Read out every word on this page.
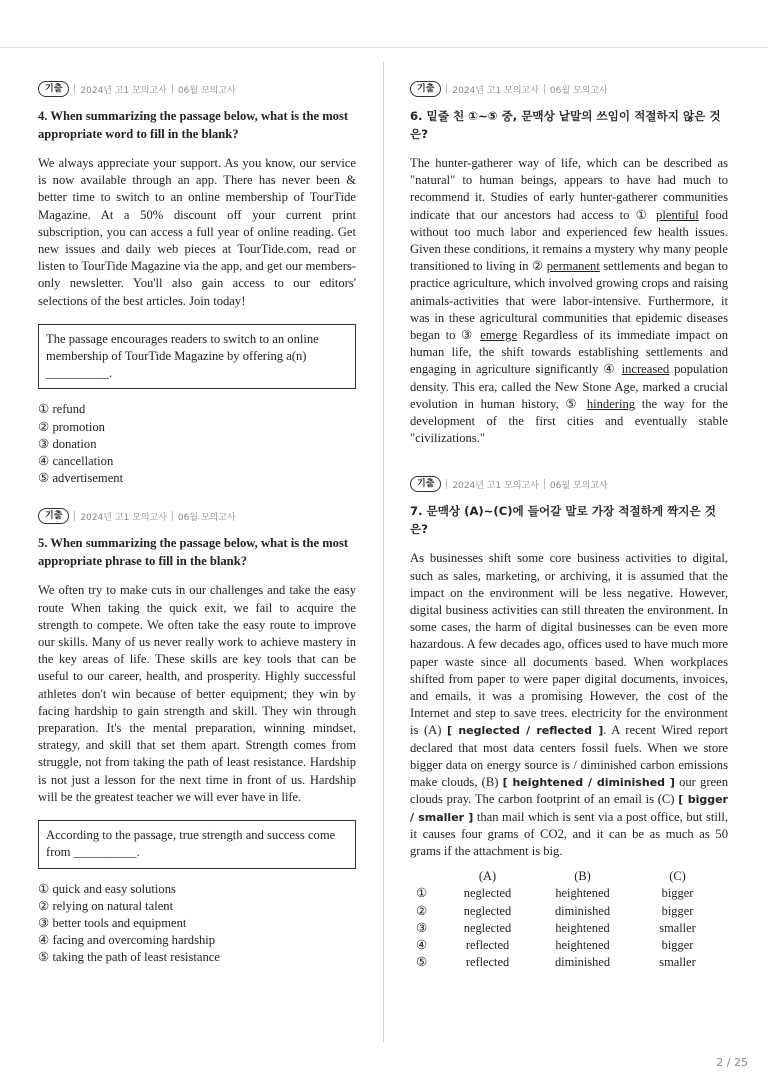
기출	2024년 고1 모의고사 06월 모의고사
4. When summarizing the passage below, what is the most appropriate word to fill in the blank?
We always appreciate your support. As you know, our service is now available through an app. There has never been & better time to switch to an online membership of TourTide Magazine. At a 50% discount off your current print subscription, you can access a full year of online reading. Get new issues and daily web pieces at TourTide.com, read or listen to TourTide Magazine via the app, and get our members-only newsletter. You'll also gain access to our editors' selections of the best articles. Join today!
The passage encourages readers to switch to an online membership of TourTide Magazine by offering a(n) __________.
① refund
② promotion
③ donation
④ cancellation
⑤ advertisement
기출	2024년 고1 모의고사 06월 모의고사
5. When summarizing the passage below, what is the most appropriate phrase to fill in the blank?
We often try to make cuts in our challenges and take the easy route When taking the quick exit, we fail to acquire the strength to compete. We often take the easy route to improve our skills. Many of us never really work to achieve mastery in the key areas of life. These skills are key tools that can be useful to our career, health, and prosperity. Highly successful athletes don't win because of better equipment; they win by facing hardship to gain strength and skill. They win through preparation. It's the mental preparation, winning mindset, strategy, and skill that set them apart. Strength comes from struggle, not from taking the path of least resistance. Hardship is not just a lesson for the next time in front of us. Hardship will be the greatest teacher we will ever have in life.
According to the passage, true strength and success come from __________.
① quick and easy solutions
② relying on natural talent
③ better tools and equipment
④ facing and overcoming hardship
⑤ taking the path of least resistance
기출	2024년 고1 모의고사 06월 모의고사
6. 밑줄 친 ①~⑤ 중, 문맥상 낱말의 쓰임이 적절하지 않은 것은?
The hunter-gatherer way of life, which can be described as "natural" to human beings, appears to have had much to recommend it. Studies of early hunter-gatherer communities indicate that our ancestors had access to ① plentiful food without too much labor and experienced few health issues. Given these conditions, it remains a mystery why many people transitioned to living in ② permanent settlements and began to practice agriculture, which involved growing crops and raising animals-activities that were labor-intensive. Furthermore, it was in these agricultural communities that epidemic diseases began to ③ emerge Regardless of its immediate impact on human life, the shift towards establishing settlements and engaging in agriculture significantly ④ increased population density. This era, called the New Stone Age, marked a crucial evolution in human history, ⑤ hindering the way for the development of the first cities and eventually stable "civilizations."
기출	2024년 고1 모의고사 06월 모의고사
7. 문맥상 (A)~(C)에 들어갈 말로 가장 적절하게 짝지은 것은?
As businesses shift some core business activities to digital, such as sales, marketing, or archiving, it is assumed that the impact on the environment will be less negative. However, digital business activities can still threaten the environment. In some cases, the harm of digital businesses can be even more hazardous. A few decades ago, offices used to have much more paper waste since all documents based. When workplaces shifted from paper to were paper digital documents, invoices, and emails, it was a promising However, the cost of the Internet and step to save trees. electricity for the environment is (A) [ neglected / reflected ]. A recent Wired report declared that most data centers fossil fuels. When we store bigger data on energy source is / diminished carbon emissions make clouds, (B) [ heightened / diminished ] our green clouds pray. The carbon footprint of an email is (C) [ bigger / smaller ] than mail which is sent via a post office, but still, it causes four grams of CO2, and it can be as much as 50 grams if the attachment is big.
	(A)	(B)	(C)
①	neglected	heightened	bigger
②	neglected	diminished	bigger
③	neglected	heightened	smaller
④	reflected	heightened	bigger
⑤	reflected	diminished	smaller
2 / 25
